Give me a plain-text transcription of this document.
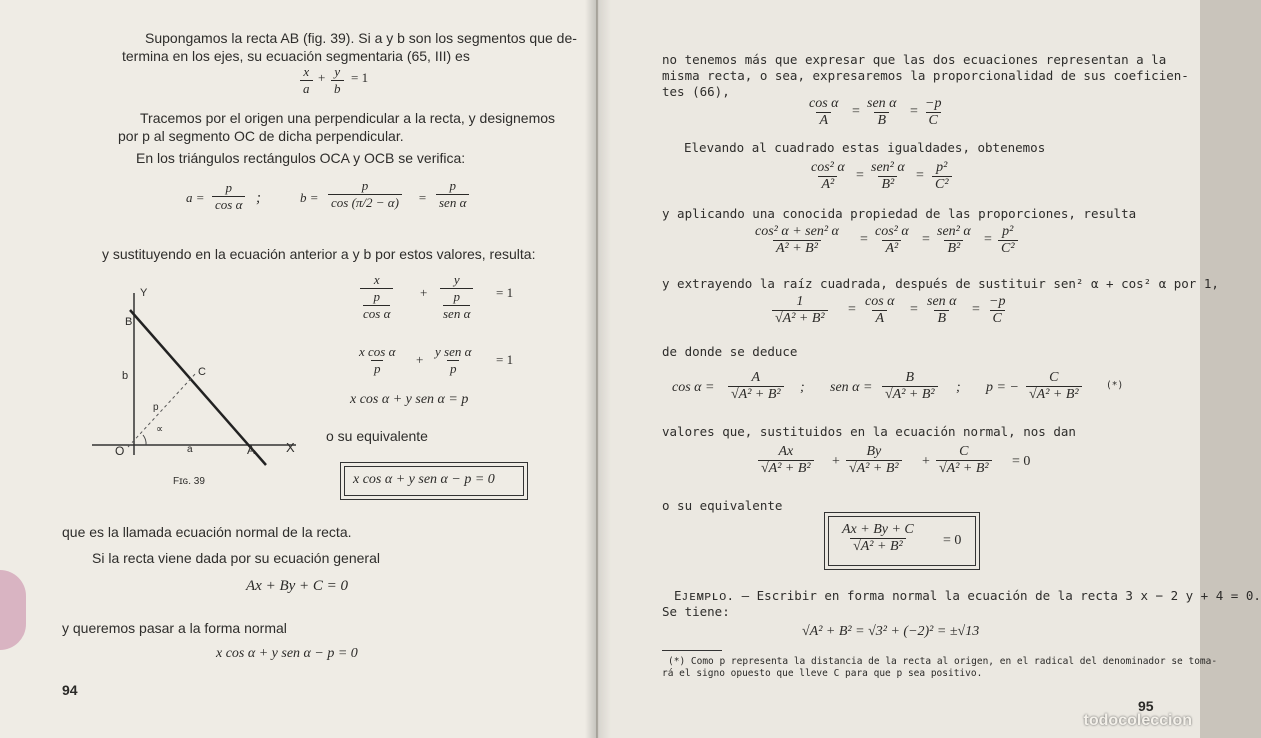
Supongamos la recta AB (fig. 39). Si a y b son los segmentos que de-
termina en los ejes, su ecuación segmentaria (65, III) es
$\frac{x}{a} + \frac{y}{b} = 1$
Tracemos por el origen una perpendicular a la recta, y designemos
por p al segmento OC de dicha perpendicular.
En los triángulos rectángulos OCA y OCB se verifica:
$a = \frac{p}{\text{cos α}}$ ;	$b = \frac{p}{\cos (\pi/2 - \alpha)}$ =
p
sen α
y sustituyendo en la ecuación anterior a y b por estos valores, resulta:
Y
X
B
b	C
p
∝
O	a	A
Fɪɢ. 39
x
p
cos α +
y
p
sen α
= 1
$\frac{\text{x cos α}}{p}$ +
y sen α
p
= 1
x cos α + y sen α = p
o su equivalente
x cos α + y sen α − p = 0
que es la llamada ecuación normal de la recta.
Si la recta viene dada por su ecuación general
Ax + By + C = 0
y queremos pasar a la forma normal
x cos α + y sen α − p = 0
94
no tenemos más que expresar que las dos ecuaciones representan a la
misma recta, o sea, expresaremos la proporcionalidad de sus coeficien-
tes (66),
$\frac{\text{cos α}}{A}$ =
sen α
B
= $\frac{-p}{C}$
Elevando al cuadrado estas igualdades, obtenemos
$\frac{\text{cos² α}}{\text{A²}}$ =
sen² α
B²
= $\frac{\text{p²}}{\text{C²}}$
y aplicando una conocida propiedad de las proporciones, resulta
cos² α + sen² α
A² + B²
= $\frac{\text{cos² α}}{\text{A²}}$ =
sen² α
B²
= $\frac{\text{p²}}{\text{C²}}$
y extrayendo la raíz cuadrada, después de sustituir sen² α + cos² α por 1,
$\frac{1}{\text{√A² + B²}} = \frac{\text{cos α}}{A}$ =
sen α
B
= $\frac{-p}{C}$
de donde se deduce
$\cos \alpha = \frac{A}{\text{√A² + B²}}$ ; sen $\alpha = \frac{B}{\text{√A² + B²}}$ ; p = − $\frac{C}{\text{√A² + B²}}$	(*)
valores que, sustituidos en la ecuación normal, nos dan
$\frac{Ax}{\text{√A² + B²}} + \frac{By}{\text{√A² + B²}} + \frac{C}{\text{√A² + B²}} = 0$
o su equivalente
$\frac{Ax + By + C}{\text{√A² + B²}} = 0$
Eᴊᴇᴍᴘʟᴏ. — Escribir en forma normal la ecuación de la recta 3 x − 2 y + 4 = 0.
Se tiene:
√A² + B² = √3² + (−2)² = ±√13
(*) Como p representa la distancia de la recta al origen, en el radical del denominador se toma-
rá el signo opuesto que lleve C para que p sea positivo.
95
todocoleccion
